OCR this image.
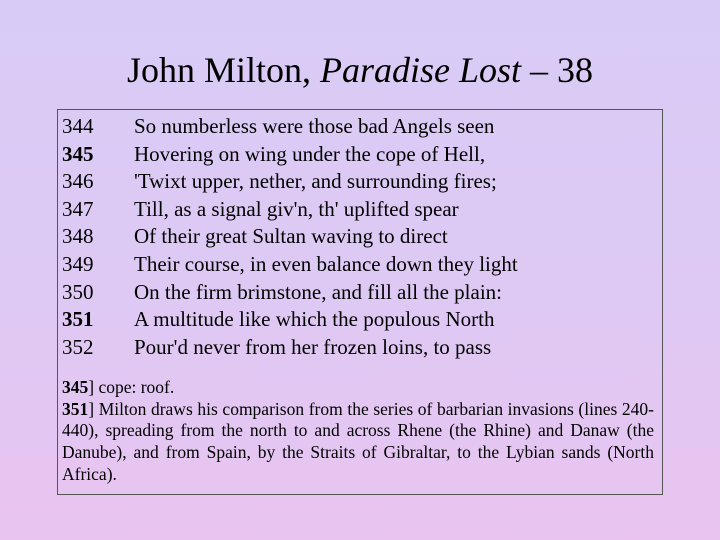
John Milton, Paradise Lost – 38
344 So numberless were those bad Angels seen
345 Hovering on wing under the cope of Hell,
346 'Twixt upper, nether, and surrounding fires;
347 Till, as a signal giv'n, th' uplifted spear
348 Of their great Sultan waving to direct
349 Their course, in even balance down they light
350 On the firm brimstone, and fill all the plain:
351 A multitude like which the populous North
352 Pour'd never from her frozen loins, to pass
345] cope: roof.
351] Milton draws his comparison from the series of barbarian invasions (lines 240-440), spreading from the north to and across Rhene (the Rhine) and Danaw (the Danube), and from Spain, by the Straits of Gibraltar, to the Lybian sands (North Africa).
